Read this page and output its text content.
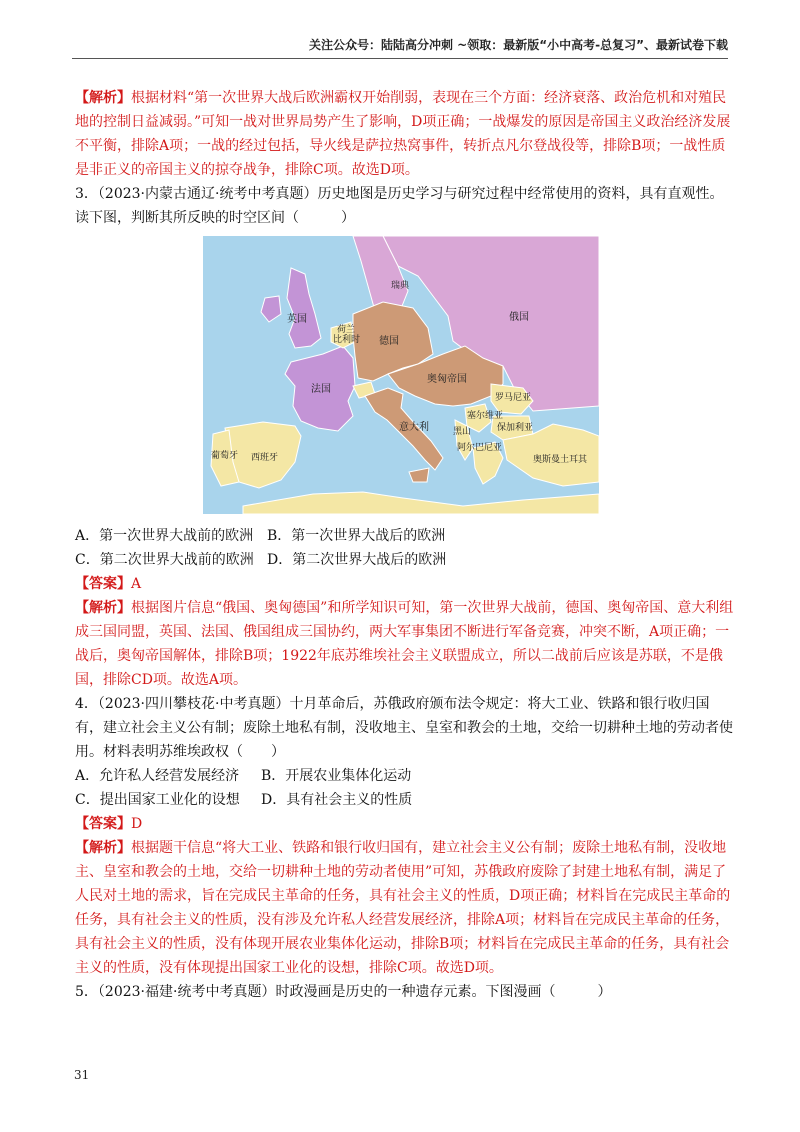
关注公众号：陆陆高分冲刺 ~领取：最新版“小中高考-总复习”、最新试卷下载

【解析】根据材料“第一次世界大战后欧洲霸权开始削弱，表现在三个方面：经济衰落、政治危机和对殖民地的控制日益减弱。”可知一战对世界局势产生了影响，D项正确；一战爆发的原因是帝国主义政治经济发展不平衡，排除A项；一战的经过包括，导火线是萨拉热窝事件，转折点凡尔登战役等，排除B项；一战性质是非正义的帝国主义的掠夺战争，排除C项。故选D项。

3．（2023·内蒙古通辽·统考中考真题）历史地图是历史学习与研究过程中经常使用的资料，具有直观性。读下图，判断其所反映的时空区间（　　　）

瑞典
英国	俄国
德国
荷兰
比利时
法国
奥匈帝国
罗马尼亚
塞尔维亚
保加利亚
黑山
阿尔巴尼亚
意大利
葡萄牙 西班牙	奥斯曼土耳其
A．第一次世界大战前的欧洲 B．第一次世界大战后的欧洲
C．第二次世界大战前的欧洲 D．第二次世界大战后的欧洲

【答案】A

【解析】根据图片信息“俄国、奥匈德国”和所学知识可知，第一次世界大战前，德国、奥匈帝国、意大利组成三国同盟，英国、法国、俄国组成三国协约，两大军事集团不断进行军备竞赛，冲突不断，A项正确；一战后，奥匈帝国解体，排除B项；1922年底苏维埃社会主义联盟成立，所以二战前后应该是苏联，不是俄国，排除CD项。故选A项。

4．（2023·四川攀枝花·中考真题）十月革命后，苏俄政府颁布法令规定：将大工业、铁路和银行收归国有，建立社会主义公有制；废除土地私有制，没收地主、皇室和教会的土地，交给一切耕种土地的劳动者使用。材料表明苏维埃政权（　　）

A．允许私人经营发展经济	B．开展农业集体化运动
C．提出国家工业化的设想	D．具有社会主义的性质

【答案】D

【解析】根据题干信息“将大工业、铁路和银行收归国有，建立社会主义公有制；废除土地私有制，没收地主、皇室和教会的土地，交给一切耕种土地的劳动者使用”可知，苏俄政府废除了封建土地私有制，满足了人民对土地的需求，旨在完成民主革命的任务，具有社会主义的性质，D项正确；材料旨在完成民主革命的任务，具有社会主义的性质，没有涉及允许私人经营发展经济，排除A项；材料旨在完成民主革命的任务，具有社会主义的性质，没有体现开展农业集体化运动，排除B项；材料旨在完成民主革命的任务，具有社会主义的性质，没有体现提出国家工业化的设想，排除C项。故选D项。

5．（2023·福建·统考中考真题）时政漫画是历史的一种遗存元素。下图漫画（　　　）

31
